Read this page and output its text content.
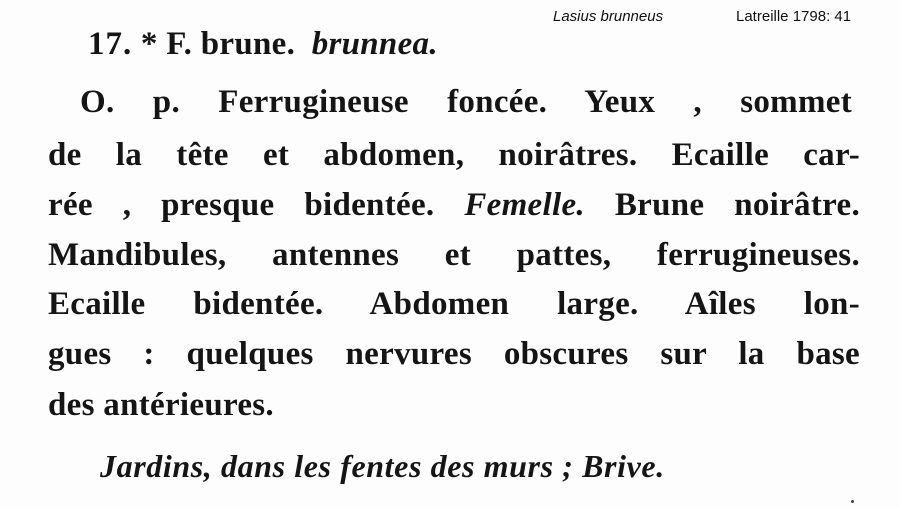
Lasius brunneus	Latreille 1798: 41
17. * F. brune. brunnea.
O. p. Ferrugineuse foncée. Yeux , sommet
de la tête et abdomen, noirâtres. Ecaille car-
rée , presque bidentée. Femelle. Brune noirâtre.
Mandibules, antennes et pattes, ferrugineuses.
Ecaille bidentée. Abdomen large. Aîles lon-
gues : quelques nervures obscures sur la base
des antérieures.
Jardins, dans les fentes des murs ; Brive.
